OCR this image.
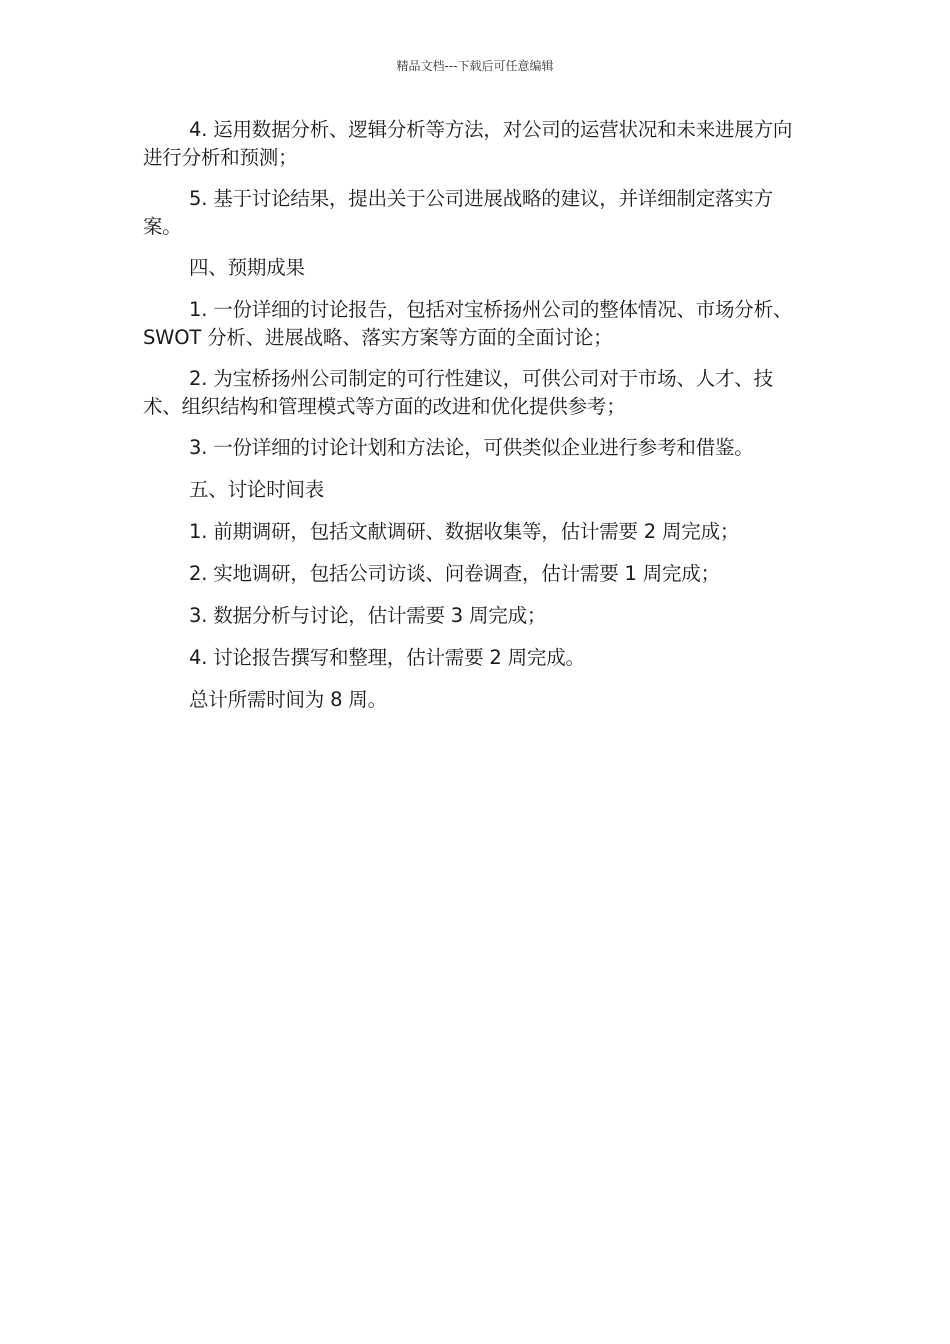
精品文档---下载后可任意编辑

4. 运用数据分析、逻辑分析等方法，对公司的运营状况和未来进展方向进行分析和预测；

5. 基于讨论结果，提出关于公司进展战略的建议，并详细制定落实方案。

四、预期成果

1. 一份详细的讨论报告，包括对宝桥扬州公司的整体情况、市场分析、SWOT 分析、进展战略、落实方案等方面的全面讨论；

2. 为宝桥扬州公司制定的可行性建议，可供公司对于市场、人才、技术、组织结构和管理模式等方面的改进和优化提供参考；

3. 一份详细的讨论计划和方法论，可供类似企业进行参考和借鉴。

五、讨论时间表

1. 前期调研，包括文献调研、数据收集等，估计需要 2 周完成；

2. 实地调研，包括公司访谈、问卷调查，估计需要 1 周完成；

3. 数据分析与讨论，估计需要 3 周完成；

4. 讨论报告撰写和整理，估计需要 2 周完成。

总计所需时间为 8 周。
